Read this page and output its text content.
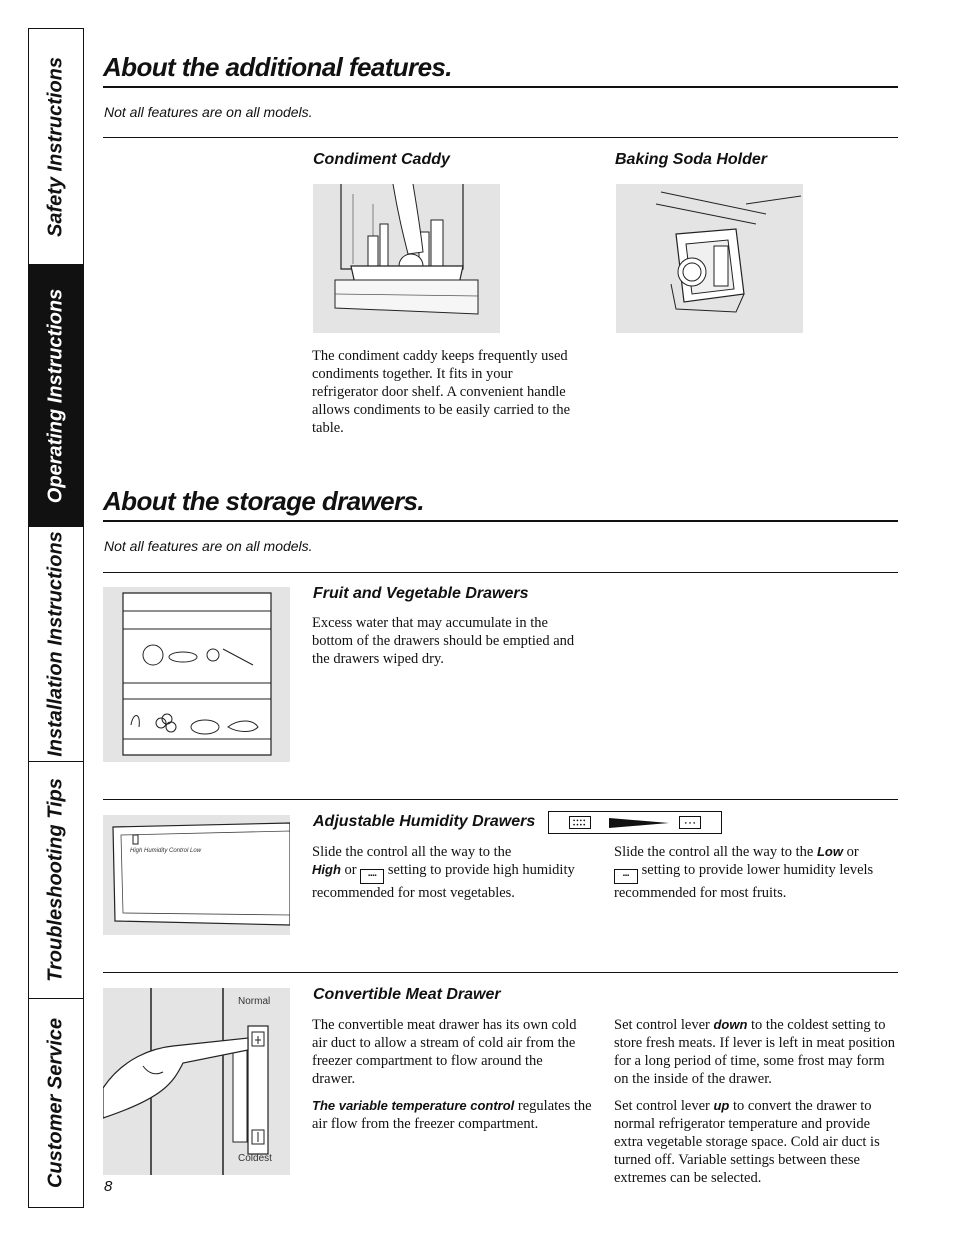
Safety Instructions
Operating Instructions
Installation Instructions
Troubleshooting Tips
Customer Service
About the additional features.
Not all features are on all models.
Condiment Caddy
The condiment caddy keeps frequently used condiments together. It fits in your refrigerator door shelf. A convenient handle allows condiments to be easily carried to the table.
Baking Soda Holder
About the storage drawers.
Not all features are on all models.
Fruit and Vegetable Drawers
Excess water that may accumulate in the bottom of the drawers should be emptied and the drawers wiped dry.
High Humidity Control Low
Adjustable Humidity Drawers
Slide the control all the way to the
High or ▪▪▪▪ setting to provide high humidity recommended for most vegetables.
Slide the control all the way to the Low or
▪▪▪ setting to provide lower humidity levels recommended for most fruits.
Normal
Coldest
Convertible Meat Drawer
The convertible meat drawer has its own cold air duct to allow a stream of cold air from the freezer compartment to flow around the drawer.
The variable temperature control regulates the air flow from the freezer compartment.
Set control lever down to the coldest setting to store fresh meats. If lever is left in meat position for a long period of time, some frost may form on the inside of the drawer.
Set control lever up to convert the drawer to normal refrigerator temperature and provide extra vegetable storage space. Cold air duct is turned off. Variable settings between these extremes can be selected.
8
